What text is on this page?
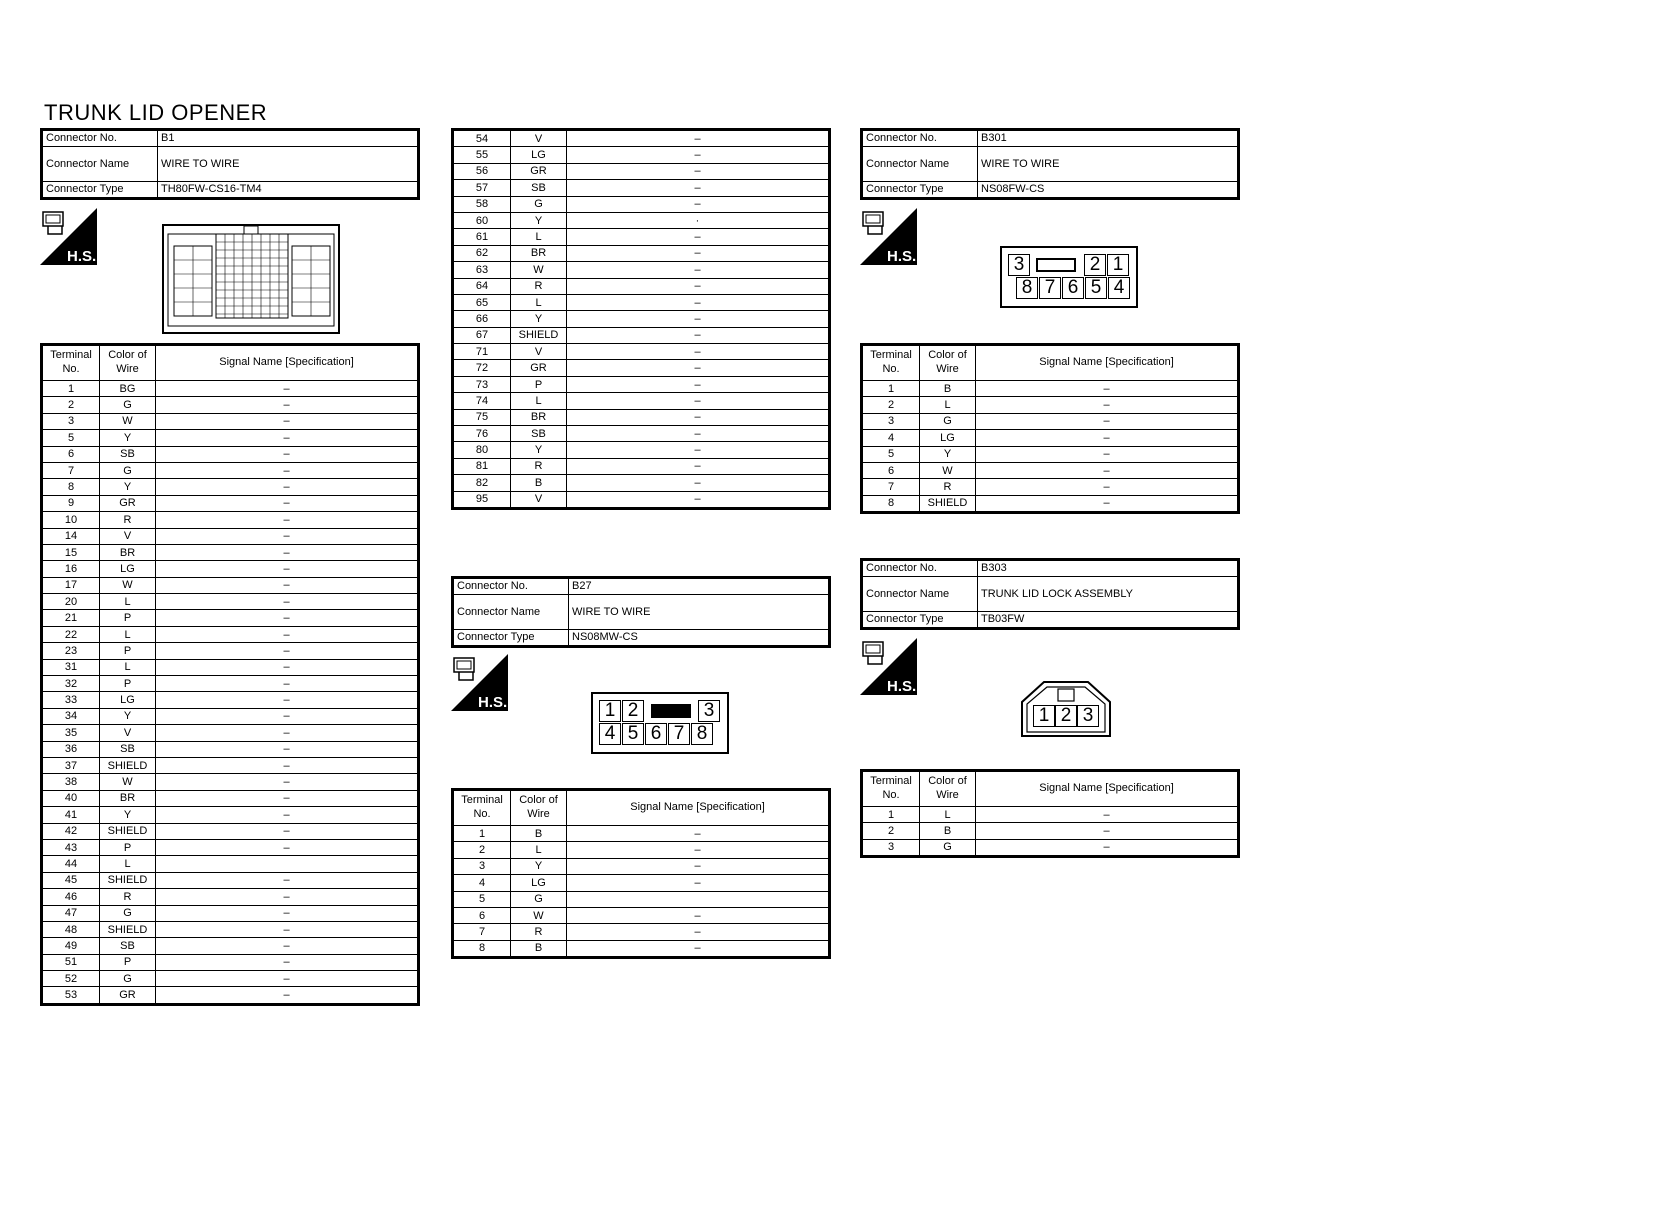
TRUNK LID OPENER
Connector No.	B1
Connector Name	WIRE TO WIRE
Connector Type	TH80FW-CS16-TM4
H.S.
Terminal No.	Color of Wire	Signal Name [Specification]
1	BG	–
2	G	–
3	W	–
5	Y	–
6	SB	–
7	G	–
8	Y	–
9	GR	–
10	R	–
14	V	–
15	BR	–
16	LG	–
17	W	–
20	L	–
21	P	–
22	L	–
23	P	–
31	L	–
32	P	–
33	LG	–
34	Y	–
35	V	–
36	SB	–
37	SHIELD	–
38	W	–
40	BR	–
41	Y	–
42	SHIELD	–
43	P	–
44	L	
45	SHIELD	–
46	R	–
47	G	–
48	SHIELD	–
49	SB	–
51	P	–
52	G	–
53	GR	–
54	V	–
55	LG	–
56	GR	–
57	SB	–
58	G	–
60	Y	·
61	L	–
62	BR	–
63	W	–
64	R	–
65	L	–
66	Y	–
67	SHIELD	–
71	V	–
72	GR	–
73	P	–
74	L	–
75	BR	–
76	SB	–
80	Y	–
81	R	–
82	B	–
95	V	–
Connector No.	B27
Connector Name	WIRE TO WIRE
Connector Type	NS08MW-CS
H.S.	1 2	3
4 5 6 7 8
Terminal No.	Color of Wire	Signal Name [Specification]
1	B	–
2	L	–
3	Y	–
4	LG	–
5	G	
6	W	–
7	R	–
8	B	–
Connector No.	B301
Connector Name	WIRE TO WIRE
Connector Type	NS08FW-CS
H.S.	3	2 1
8 7 6 5 4
Terminal No.	Color of Wire	Signal Name [Specification]
1	B	–
2	L	–
3	G	–
4	LG	–
5	Y	–
6	W	–
7	R	–
8	SHIELD	–
Connector No.	B303
Connector Name	TRUNK LID LOCK ASSEMBLY
Connector Type	TB03FW
H.S.
1 2 3
Terminal No.	Color of Wire	Signal Name [Specification]
1	L	–
2	B	–
3	G	–
